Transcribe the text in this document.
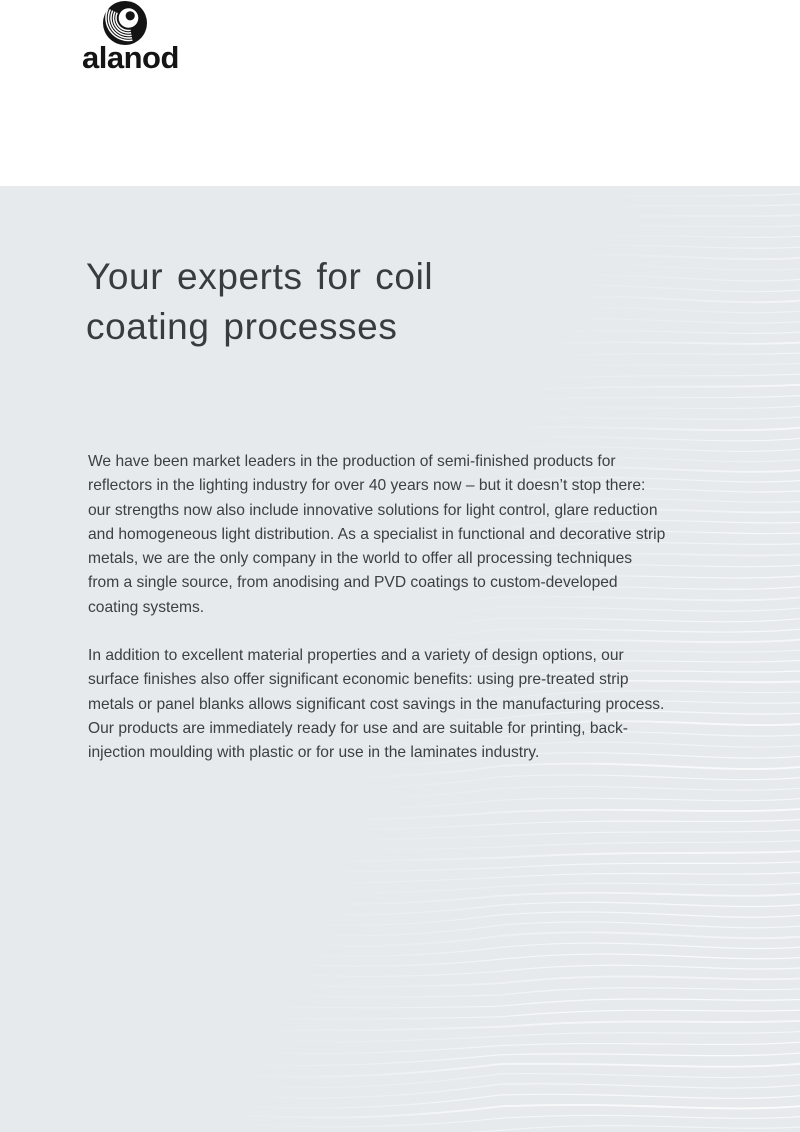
alanod
Your experts for coil
coating processes

We have been market leaders in the production of semi-finished products for reflectors in the lighting industry for over 40 years now – but it doesn’t stop there: our strengths now also include innovative solutions for light control, glare reduction and homogeneous light distribution. As a specialist in functional and decorative strip metals, we are the only company in the world to offer all processing techniques from a single source, from anodising and PVD coatings to custom-developed coating systems.

In addition to excellent material properties and a variety of design options, our surface finishes also offer significant economic benefits: using pre-treated strip metals or panel blanks allows significant cost savings in the manufacturing process. Our products are immediately ready for use and are suitable for printing, back-injection moulding with plastic or for use in the laminates industry.
